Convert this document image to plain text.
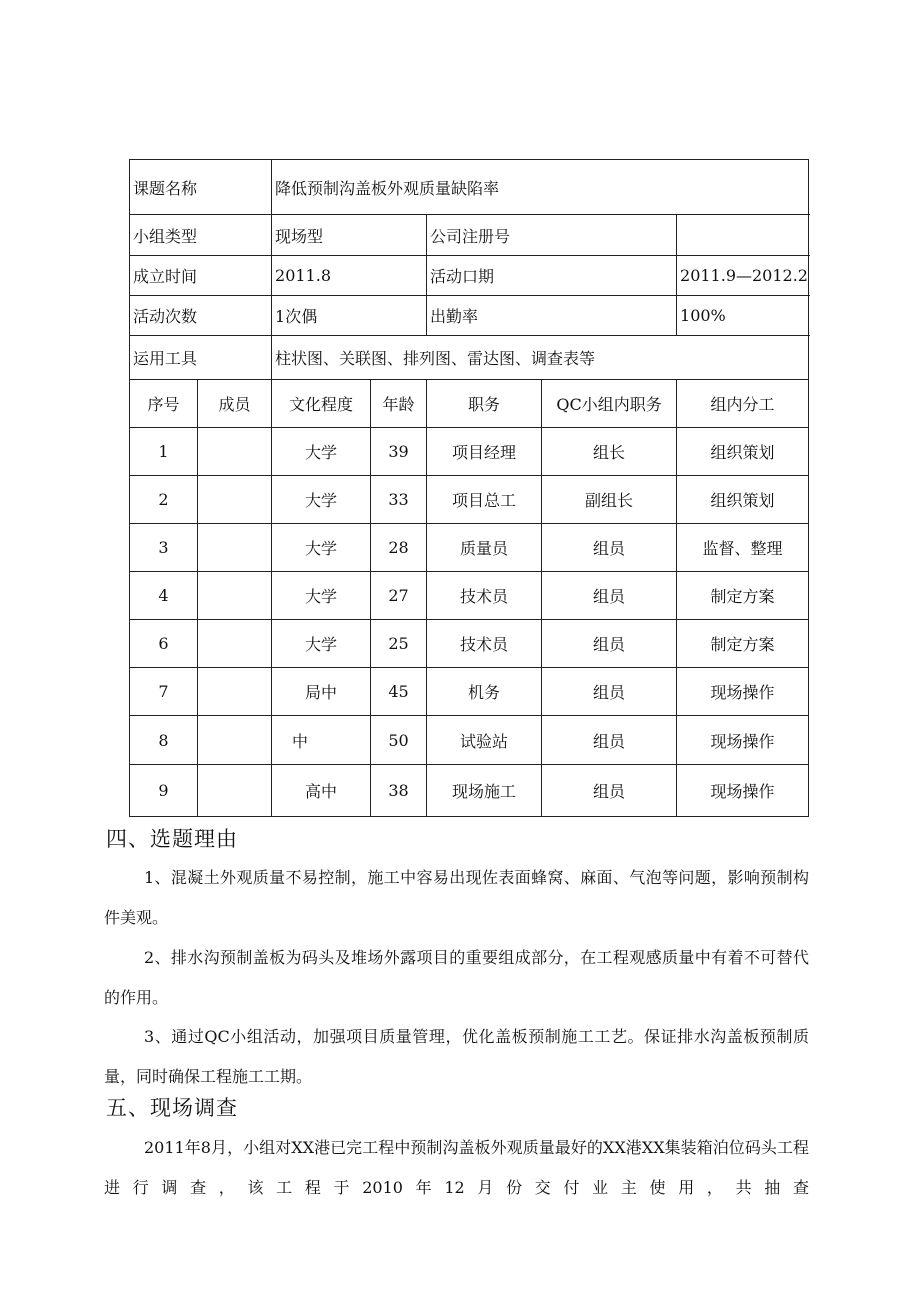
课题名称		降低预制沟盖板外观质量缺陷率				
小组类型		现场型		公司注册号		
成立时间		2011.8		活动口期		2011.9—2012.2
活动次数		1次偶		出勤率		100%
运用工具		柱状图、关联图、排列图、雷达图、调查表等				
序号	成员	文化程度	年龄	职务	QC小组内职务	组内分工
1		大学	39	项目经理	组长	组织策划
2		大学	33	项目总工	副组长	组织策划
3		大学	28	质量员	组员	监督、整理
4		大学	27	技术员	组员	制定方案
6		大学	25	技术员	组员	制定方案
7		局中	45	机务	组员	现场操作
8		中	50	试验站	组员	现场操作
9		高中	38	现场施工	组员	现场操作
四、选题理由
1、混凝土外观质量不易控制，施工中容易出现佐表面蜂窝、麻面、气泡等问题，影响预制构件美观。
2、排水沟预制盖板为码头及堆场外露项目的重要组成部分，在工程观感质量中有着不可替代的作用。
3、通过QC小组活动，加强项目质量管理，优化盖板预制施工工艺。保证排水沟盖板预制质量，同时确保工程施工工期。
五、现场调查
2011年8月，小组对XX港已完工程中预制沟盖板外观质量最好的XX港XX集装箱泊位码头工程进行调查，该工程于2010年12月份交付业主使用，共抽查
